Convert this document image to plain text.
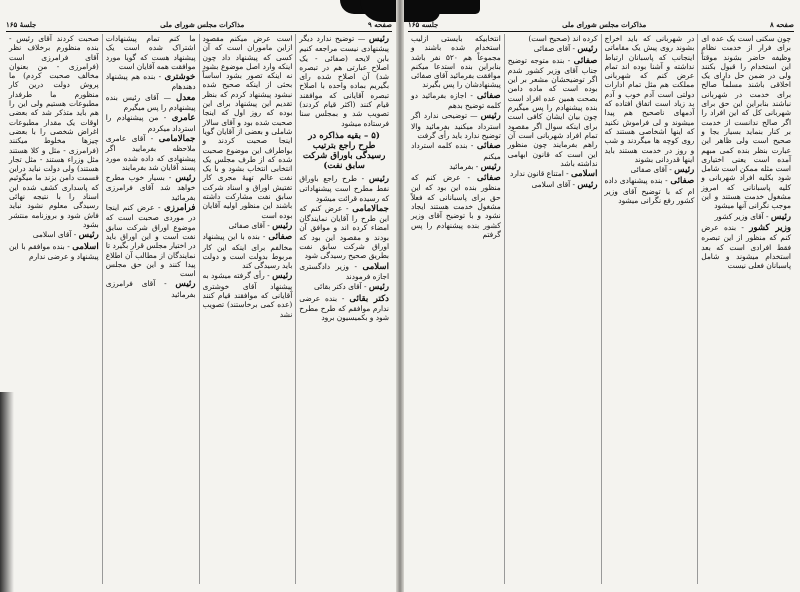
صفحه ۹
مذاکرات مجلس شورای ملی
جلسهٔ ۱۶۵

رئیس — توضیح ندارد دیگر پیشنهادی نیست مراجعه کنیم بابن لایحه (صفائی - یک اصلاح عبارتی هم در تبصره شد) آن اصلاح شده رای بگیریم بماده واحده با اصلاح تبصره آقایانی که موافقند قیام کنند (اکثر قیام کردند) تصویب شد و بمجلس سنا فرستاده میشود

(۵ – بقیه مذاکره در طرح راجع بترتیب رسیدگی باوراق شرکت سابق نفت)

رئیس - طرح راجع باوراق نفط مطرح است پیشنهاداتی که رسیده قرائت میشود

جمالامامی - عرض کنم که این طرح را آقایان نمایندگان امضاء کرده اند و موافق آن بودند و مقصود این بود که اوراق شرکت سابق نفت بطریق صحیح رسیدگی شود

اسلامی - وزیر دادگستری اجازه فرمودند

رئیس - آقای دکتر بقائی

دکتر بقائی - بنده عرضی ندارم موافقم که طرح مطرح شود و بکمیسیون برود

است عرض میکنم مقصود ازاین ماموران است که آن کسی که پیشنهاد داد چون اینکه وارد اصل موضوع بشود نه اینکه تصور بشود اساساً بحثی از اینکه صحیح شده نبشود پیشنهاد کردم که بنظر تقدیم این پیشنهاد برای این بوده که روز اول که اینجا صحبت شده بود و آقای سالار شاملی و بعضی از آقایان گویا اینجا صحبت کردند و بواطراف این موضوع صحبت شده که از طرف مجلس یک انتخابی انتخاب بشود و با یک نفت عالم تهیهٔ مجری کار تفتیش اوراق و اسناد شرکت سابق نفت مشارکت داشته باشند این منظور اولیه آقایان بوده است

رئیس - آقای صفائی

صفائی - بنده با این پیشنهاد مخالفم برای اینکه این کار مربوط بدولت است و دولت باید رسیدگی کند

رئیس - رأی گرفته میشود به پیشنهاد آقای خوشتری آقایانی که موافقند قیام کنند (عده کمی برخاستند) تصویب نشد

ما کنم تمام پیشنهادات اشتراک شده است یک پیشنهاد هست که گویا مورد موافقت همه آقایان است

خوشتری - بنده هم پیشنهاد دهندهام

معدل — آقای رئیس بنده پیشنهادم را پس میگیرم

عامری - من پیشنهادم را استرداد میکردم

جمالامامی - آقای عامری ملاحظه بفرمایید اگر پیشنهادی که داده شده مورد پسند آقایان شد بفرمایند

رئیس - بسیار خوب مطرح خواهد شد آقای فرامرزی بفرمائید

فرامرزی - عرض کنم اینجا در موردی صحبت است که موضوع اوراق شرکت سابق نفت است و این اوراق باید در اختیار مجلس قرار بگیرد تا نمایندگان از مطالب آن اطلاع پیدا کنند و این حق مجلس است

رئیس - آقای فرامرزی بفرمائید

صحبت کردند آقای رئیس - بنده منظورم برخلاف نظر آقای فرامرزی است (فرامرزی - من بعنوان مخالف صحبت کردم) ما پروش دولت درین کار منظورم ما طرفدار مطبوعات هستیم ولی این را هم باید متذکر شد که بعضی اوقات یک مقدار مطبوعات اغراض شخصی را با بعضی چیزها مخلوط میکنند (فرامرزی - مثل و کلا هستند مثل وزراء هستند - مثل تجار هستند) ولی دولت نباید دراین قسمت دامن بزند ما میگوئیم که پاسداری کشف شده این اسناد را با نتیجه نهائی رسیدگی معلوم نشود نباید فاش شود و بروزنامه منتشر بشود

رئیس - آقای اسلامی

اسلامی - بنده موافقم با این پیشنهاد و عرضی ندارم

صفحه ۸
مذاکرات مجلس شورای ملی
جلسه ۱۶۵

چون سکنی است یک عده ای برای فرار از خدمت نظام وظیفه حاضر بشوند موقتاً این استخدام را قبول بکنند ولی در ضمن حل دارای یک اخلاقی باشند مسلماً صالح برای خدمت در شهربانی نباشند بنابراین این حق برای شهربانی کل که این افراد را اگر صالح ندانست از خدمت بر کنار بنماید بسیار بجا و صحیح است ولی ظاهر این عبارت بنظر بنده کمی مبهم آمده است یعنی اختیاری است مثله ممکن است شامل شود بکلیه افراد شهربانی و کلیه پاسبانانی که امروز مشغول خدمت هستند و این موجب نگرانی آنها میشود

رئیس - آقای وزیر کشور

وزیر کشور - بنده عرض کنم که منظور از این تبصره فقط افرادی است که بعد استخدام میشوند و شامل پاسبانان فعلی نیست

در شهربانی که باید اخراج بشوند روی پیش یک مقاماتی اینجانب که پاسبانان ارتباط نداشته و آشنا بوده اند تمام عرض کنم که شهربانی مملکت هم مثل تمام ادارات دولتی است آدم خوب و آدم بد زیاد است اتفاق افتاده که آدمهای ناصحیح هم پیدا میشوند و لی فراموش نکنید که اینها اشخاصی هستند که روی کوچه ها میگردند و شب و روز در خدمت هستند باید اینها قدردانی بشوند

رئیس - آقای صفائی

صفائی - بنده پیشنهادی داده ام که با توضیح آقای وزیر کشور رفع نگرانی میشود

کرده اند (صحیح است)

رئیس - آقای صفائی

صفائی - بنده متوجه توضیح جناب آقای وزیر کشور شدم اگر توضیحشان مشعر بر این بوده است که ماده دامن بصحت همین عده افراد است بنده پیشنهادم را پس میگیرم چون بیان ایشان کافی است برای اینکه سوال اگر مقصود تمام افراد شهربانی است آن راهم بفرمایند چون منظور این است که قانون ابهامی نداشته باشد

اسلامی - امتناع قانون ندارد

رئیس - آقای اسلامی

انتخابیکه بایستی ازلیب استخدام شده باشند و مجموعاً هم ۵۲۰ نفر باشد بنابراین بنده استدعا میکنم موافقت بفرمائید آقای صفائی پیشنهادشان را پس بگیرند

صفائی - اجازه بفرمائید دو کلمه توضیح بدهم

رئیس — توضیحی ندارد اگر استرداد میکنید بفرمائید والا توضیح ندارد باید رأی گرفت

صفائی - بنده کلمه استرداد میکنم

رئیس - بفرمائید

صفائی - عرض کنم که منظور بنده این بود که این حق برای پاسبانانی که فعلاً مشغول خدمت هستند ایجاد نشود و با توضیح آقای وزیر کشور بنده پیشنهادم را پس گرفتم
